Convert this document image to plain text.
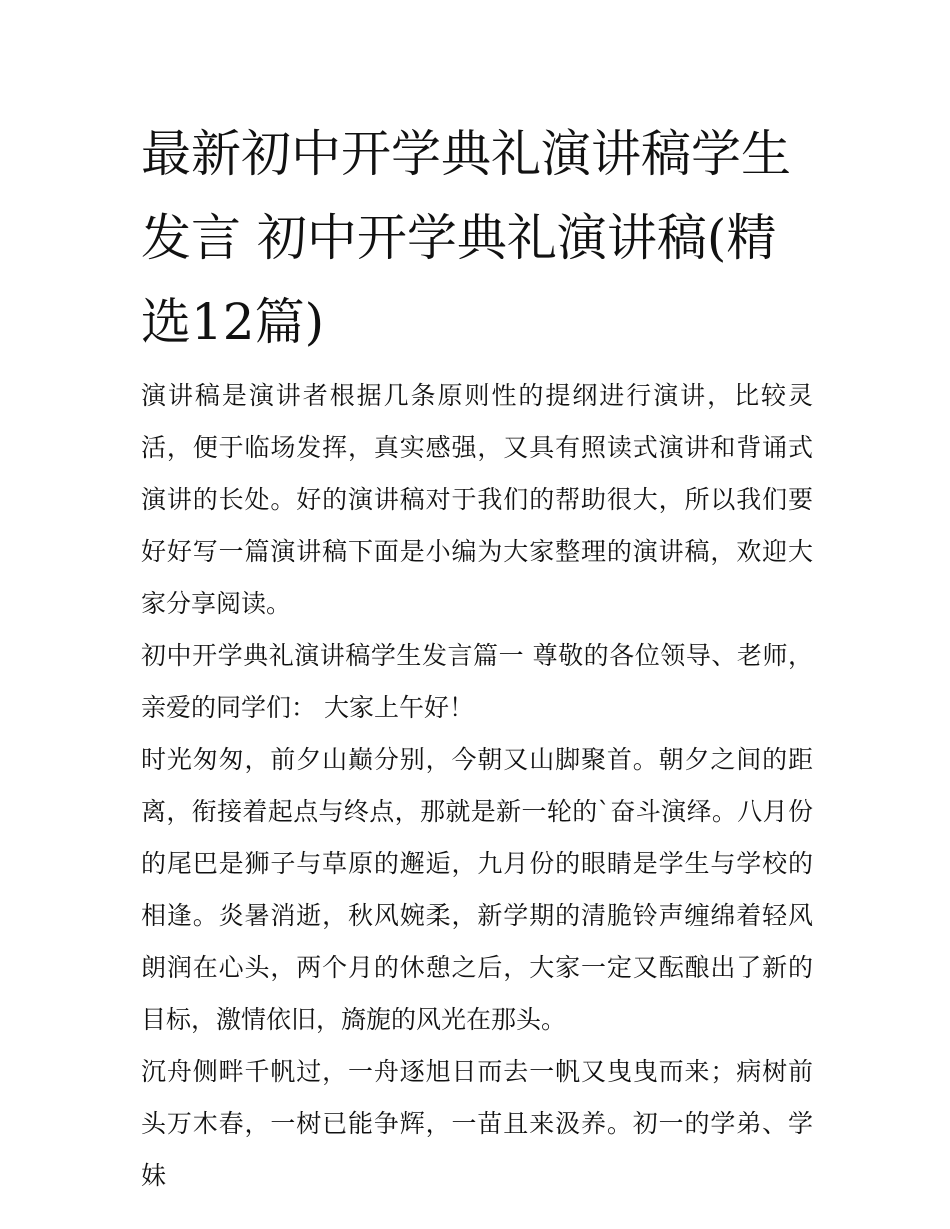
最新初中开学典礼演讲稿学生发言 初中开学典礼演讲稿(精选12篇)

演讲稿是演讲者根据几条原则性的提纲进行演讲，比较灵活，便于临场发挥，真实感强，又具有照读式演讲和背诵式演讲的长处。好的演讲稿对于我们的帮助很大，所以我们要好好写一篇演讲稿下面是小编为大家整理的演讲稿，欢迎大家分享阅读。

初中开学典礼演讲稿学生发言篇一 尊敬的各位领导、老师，亲爱的同学们： 大家上午好！

时光匆匆，前夕山巅分别，今朝又山脚聚首。朝夕之间的距离，衔接着起点与终点，那就是新一轮的`奋斗演绎。八月份的尾巴是狮子与草原的邂逅，九月份的眼睛是学生与学校的相逢。炎暑消逝，秋风婉柔，新学期的清脆铃声缠绵着轻风朗润在心头，两个月的休憩之后，大家一定又酝酿出了新的目标，激情依旧，旖旎的风光在那头。

沉舟侧畔千帆过，一舟逐旭日而去一帆又曳曳而来；病树前头万木春，一树已能争辉，一苗且来汲养。初一的学弟、学妹
